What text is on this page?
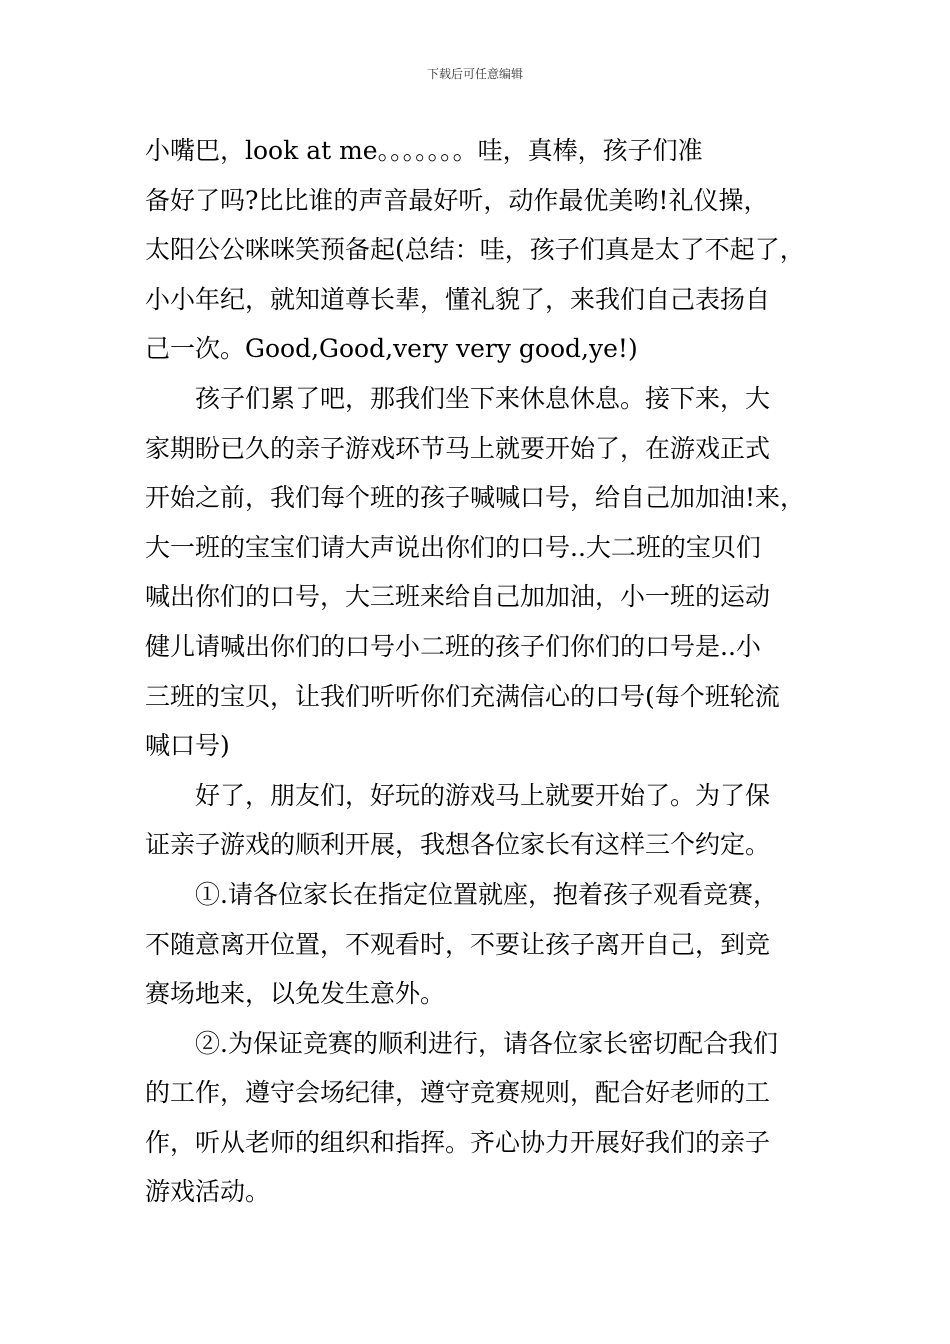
下载后可任意编辑
小嘴巴，look at me。。。。。。。哇，真棒，孩子们准
备好了吗?比比谁的声音最好听，动作最优美哟!礼仪操，
太阳公公咪咪笑预备起(总结：哇，孩子们真是太了不起了，
小小年纪，就知道尊长辈，懂礼貌了，来我们自己表扬自
己一次。Good,Good,very very good,ye!)
孩子们累了吧，那我们坐下来休息休息。接下来，大
家期盼已久的亲子游戏环节马上就要开始了，在游戏正式
开始之前，我们每个班的孩子喊喊口号，给自己加加油!来，
大一班的宝宝们请大声说出你们的口号..大二班的宝贝们
喊出你们的口号，大三班来给自己加加油，小一班的运动
健儿请喊出你们的口号小二班的孩子们你们的口号是..小
三班的宝贝，让我们听听你们充满信心的口号(每个班轮流
喊口号)
好了，朋友们，好玩的游戏马上就要开始了。为了保
证亲子游戏的顺利开展，我想各位家长有这样三个约定。
①.请各位家长在指定位置就座，抱着孩子观看竞赛，
不随意离开位置，不观看时，不要让孩子离开自己，到竞
赛场地来，以免发生意外。
②.为保证竞赛的顺利进行，请各位家长密切配合我们
的工作，遵守会场纪律，遵守竞赛规则，配合好老师的工
作，听从老师的组织和指挥。齐心协力开展好我们的亲子
游戏活动。
